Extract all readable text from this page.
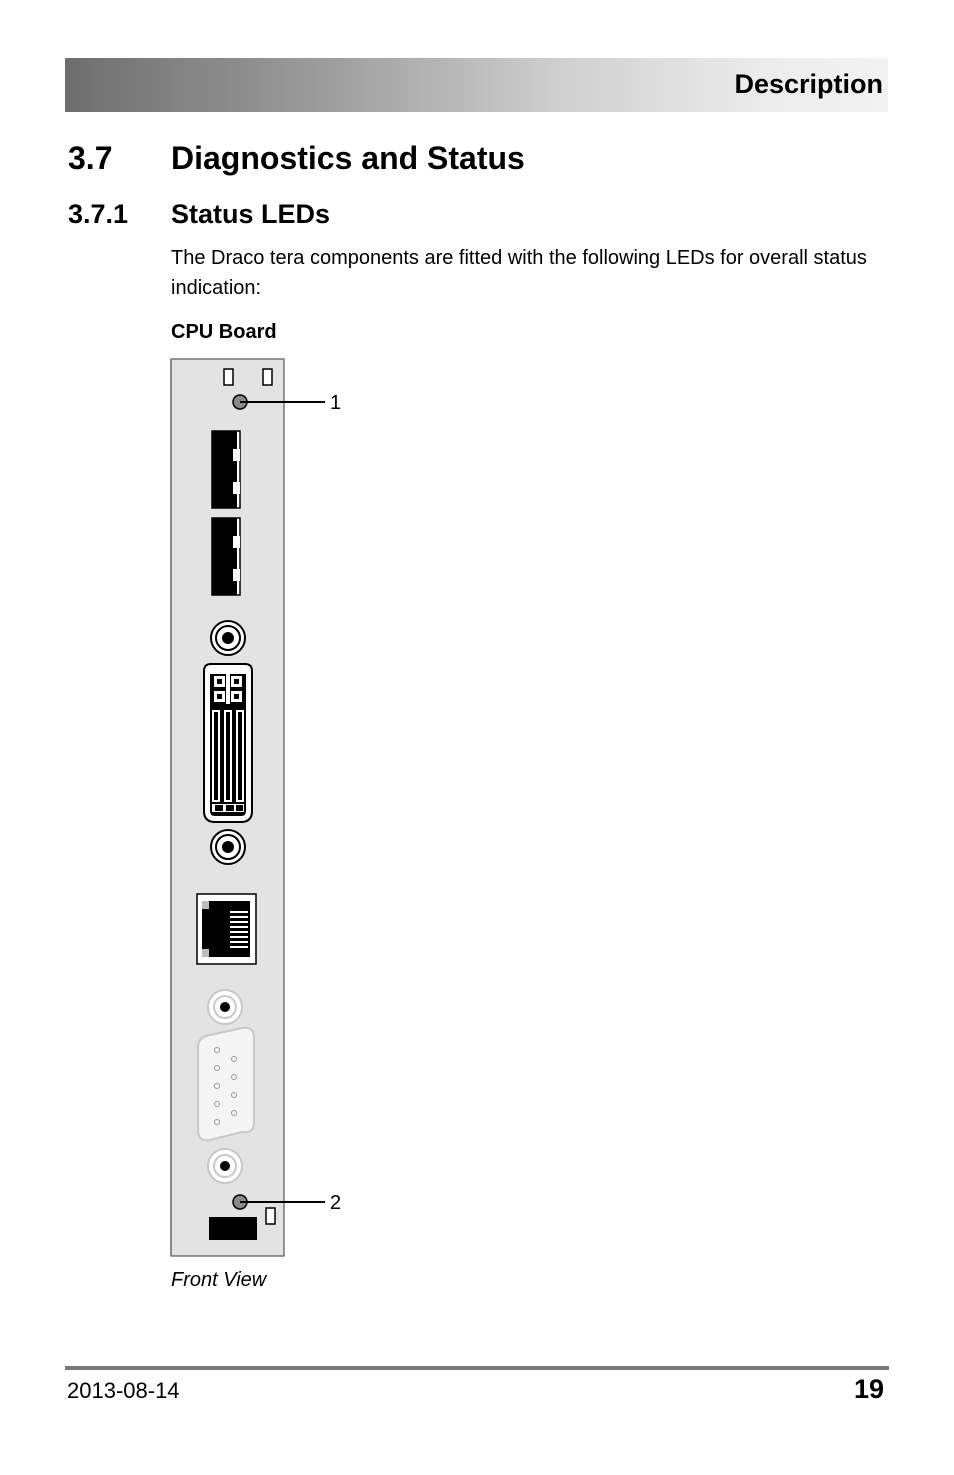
Description
3.7 Diagnostics and Status
3.7.1 Status LEDs
The Draco tera components are fitted with the following LEDs for overall status indication:
CPU Board
1
2
Front View
2013-08-14	19
